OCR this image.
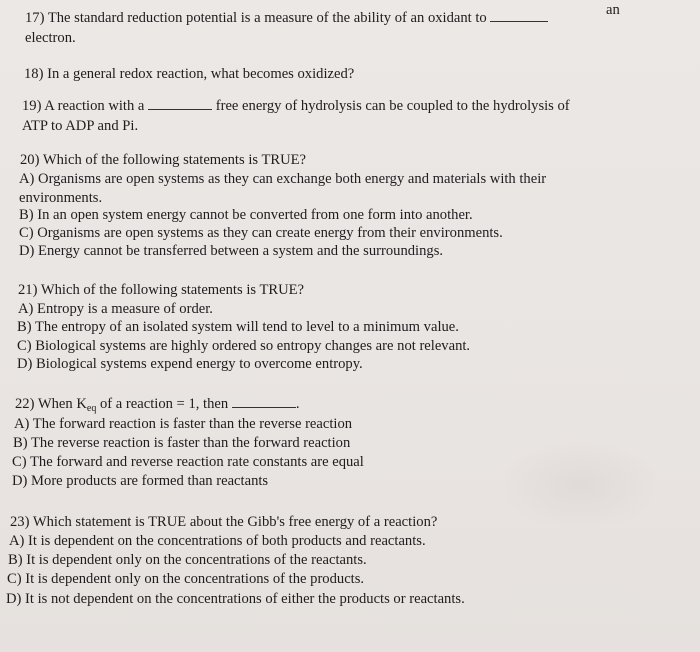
17) The standard reduction potential is a measure of the ability of an oxidant to	an
electron.
18) In a general redox reaction, what becomes oxidized?
19) A reaction with a	free energy of hydrolysis can be coupled to the hydrolysis of
ATP to ADP and Pi.
20) Which of the following statements is TRUE?
A) Organisms are open systems as they can exchange both energy and materials with their
environments.
B) In an open system energy cannot be converted from one form into another.
C) Organisms are open systems as they can create energy from their environments.
D) Energy cannot be transferred between a system and the surroundings.
21) Which of the following statements is TRUE?
A) Entropy is a measure of order.
B) The entropy of an isolated system will tend to level to a minimum value.
C) Biological systems are highly ordered so entropy changes are not relevant.
D) Biological systems expend energy to overcome entropy.
22) When $K_{eq}$ of a reaction = 1, then	.
A) The forward reaction is faster than the reverse reaction
B) The reverse reaction is faster than the forward reaction
C) The forward and reverse reaction rate constants are equal
D) More products are formed than reactants
23) Which statement is TRUE about the Gibb's free energy of a reaction?
A) It is dependent on the concentrations of both products and reactants.
B) It is dependent only on the concentrations of the reactants.
C) It is dependent only on the concentrations of the products.
D) It is not dependent on the concentrations of either the products or reactants.
